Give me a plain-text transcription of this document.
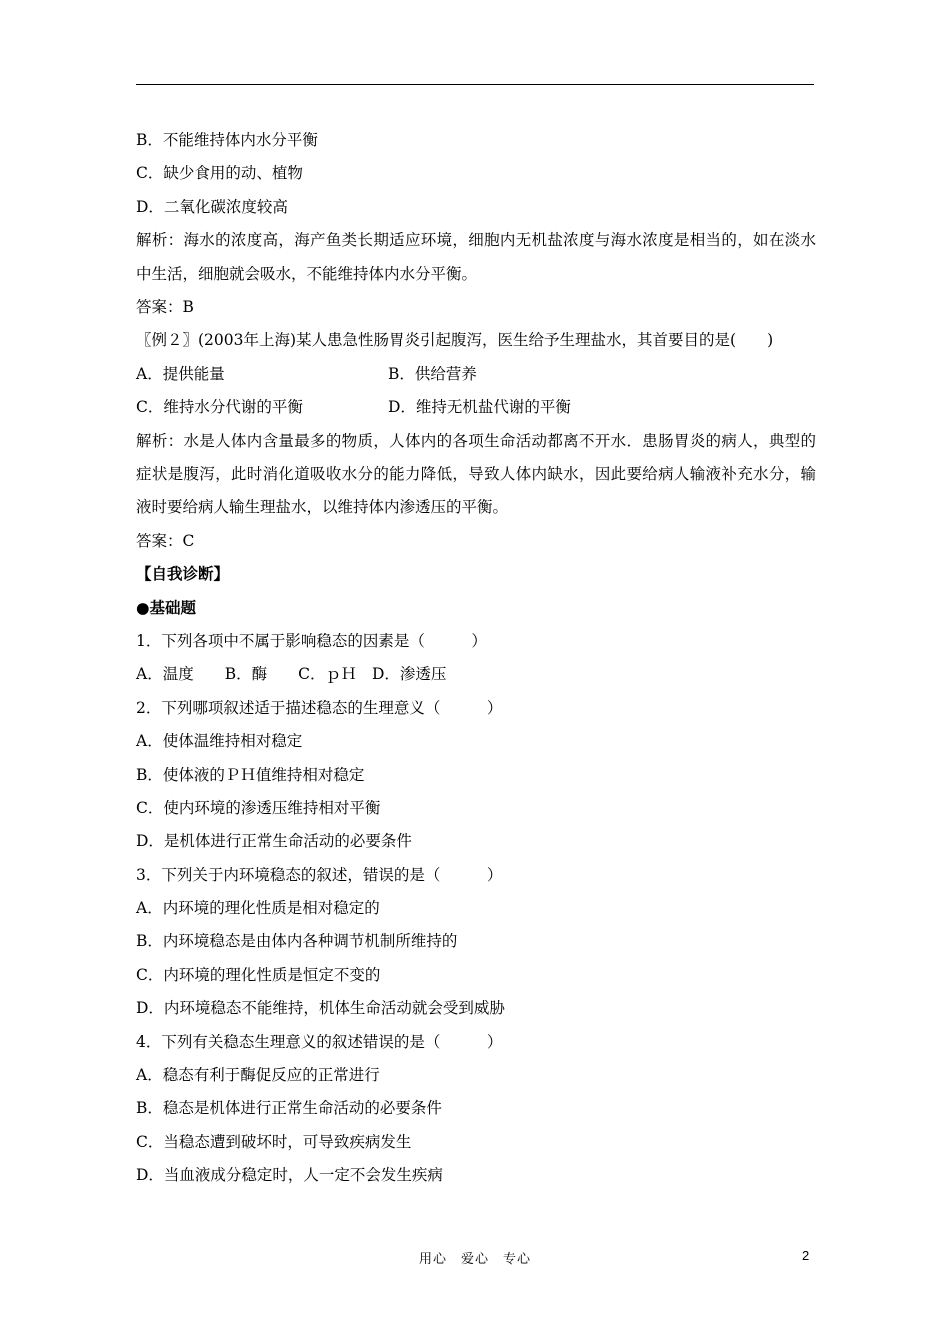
B．不能维持体内水分平衡
C．缺少食用的动、植物
D．二氧化碳浓度较高
解析：海水的浓度高，海产鱼类长期适应环境，细胞内无机盐浓度与海水浓度是相当的，如在淡水中生活，细胞就会吸水，不能维持体内水分平衡。
答案：B
〖例２〗(2003年上海)某人患急性肠胃炎引起腹泻，医生给予生理盐水，其首要目的是(　　)
A．提供能量	B．供给营养
C．维持水分代谢的平衡	D．维持无机盐代谢的平衡
解析：水是人体内含量最多的物质，人体内的各项生命活动都离不开水．患肠胃炎的病人，典型的症状是腹泻，此时消化道吸收水分的能力降低，导致人体内缺水，因此要给病人输液补充水分，输液时要给病人输生理盐水，以维持体内渗透压的平衡。
答案：C
【自我诊断】
●基础题
1．下列各项中不属于影响稳态的因素是（　　　）
A．温度　　B．酶　　C．ｐＨ　D．渗透压
2．下列哪项叙述适于描述稳态的生理意义（　　　）
A．使体温维持相对稳定
B．使体液的ＰＨ值维持相对稳定
C．使内环境的渗透压维持相对平衡
D．是机体进行正常生命活动的必要条件
3．下列关于内环境稳态的叙述，错误的是（　　　）
A．内环境的理化性质是相对稳定的
B．内环境稳态是由体内各种调节机制所维持的
C．内环境的理化性质是恒定不变的
D．内环境稳态不能维持，机体生命活动就会受到威胁
4．下列有关稳态生理意义的叙述错误的是（　　　）
A．稳态有利于酶促反应的正常进行
B．稳态是机体进行正常生命活动的必要条件
C．当稳态遭到破坏时，可导致疾病发生
D．当血液成分稳定时，人一定不会发生疾病
用心　爱心　专心	2
